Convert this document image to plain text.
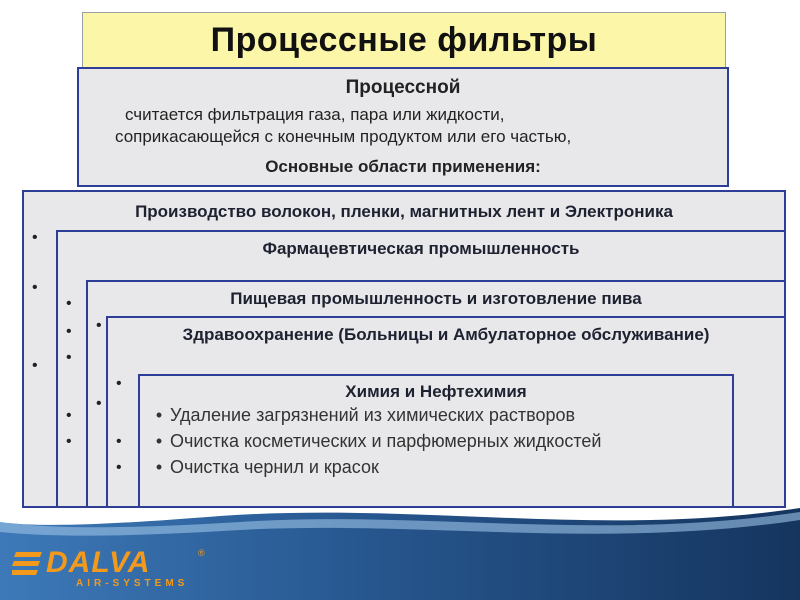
DALVA	®
AIR-SYSTEMS
Процессные фильтры
Процессной
считается фильтрация газа, пара или жидкости,
соприкасающейся с конечным продуктом или его частью,
Основные области применения:
Производство волокон, пленки, магнитных лент и Электроника
•
•
•
Фармацевтическая промышленность
•
•
•
•
•
Пищевая промышленность и изготовление пива
•
•
Здравоохранение (Больницы и Амбулаторное обслуживание)
•
•
•
Химия и Нефтехимия
• Удаление загрязнений из химических растворов
• Очистка косметических и парфюмерных жидкостей
• Очистка чернил и красок
